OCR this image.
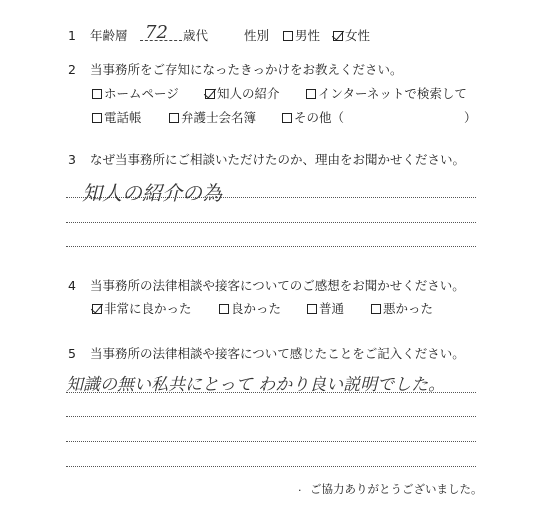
1 年齢層 72 歳代	性別	男性	女性
2 当事務所をご存知になったきっかけをお教えください。
ホームページ	知人の紹介	インターネットで検索して
電話帳	弁護士会名簿	その他（	）
3 なぜ当事務所にご相談いただけたのか、理由をお聞かせください。
知人の紹介の為
4 当事務所の法律相談や接客についてのご感想をお聞かせください。
非常に良かった	良かった	普通	悪かった
5 当事務所の法律相談や接客について感じたことをご記入ください。
知識の無い私共にとって わかり良い説明でした。
. ご協力ありがとうございました。
